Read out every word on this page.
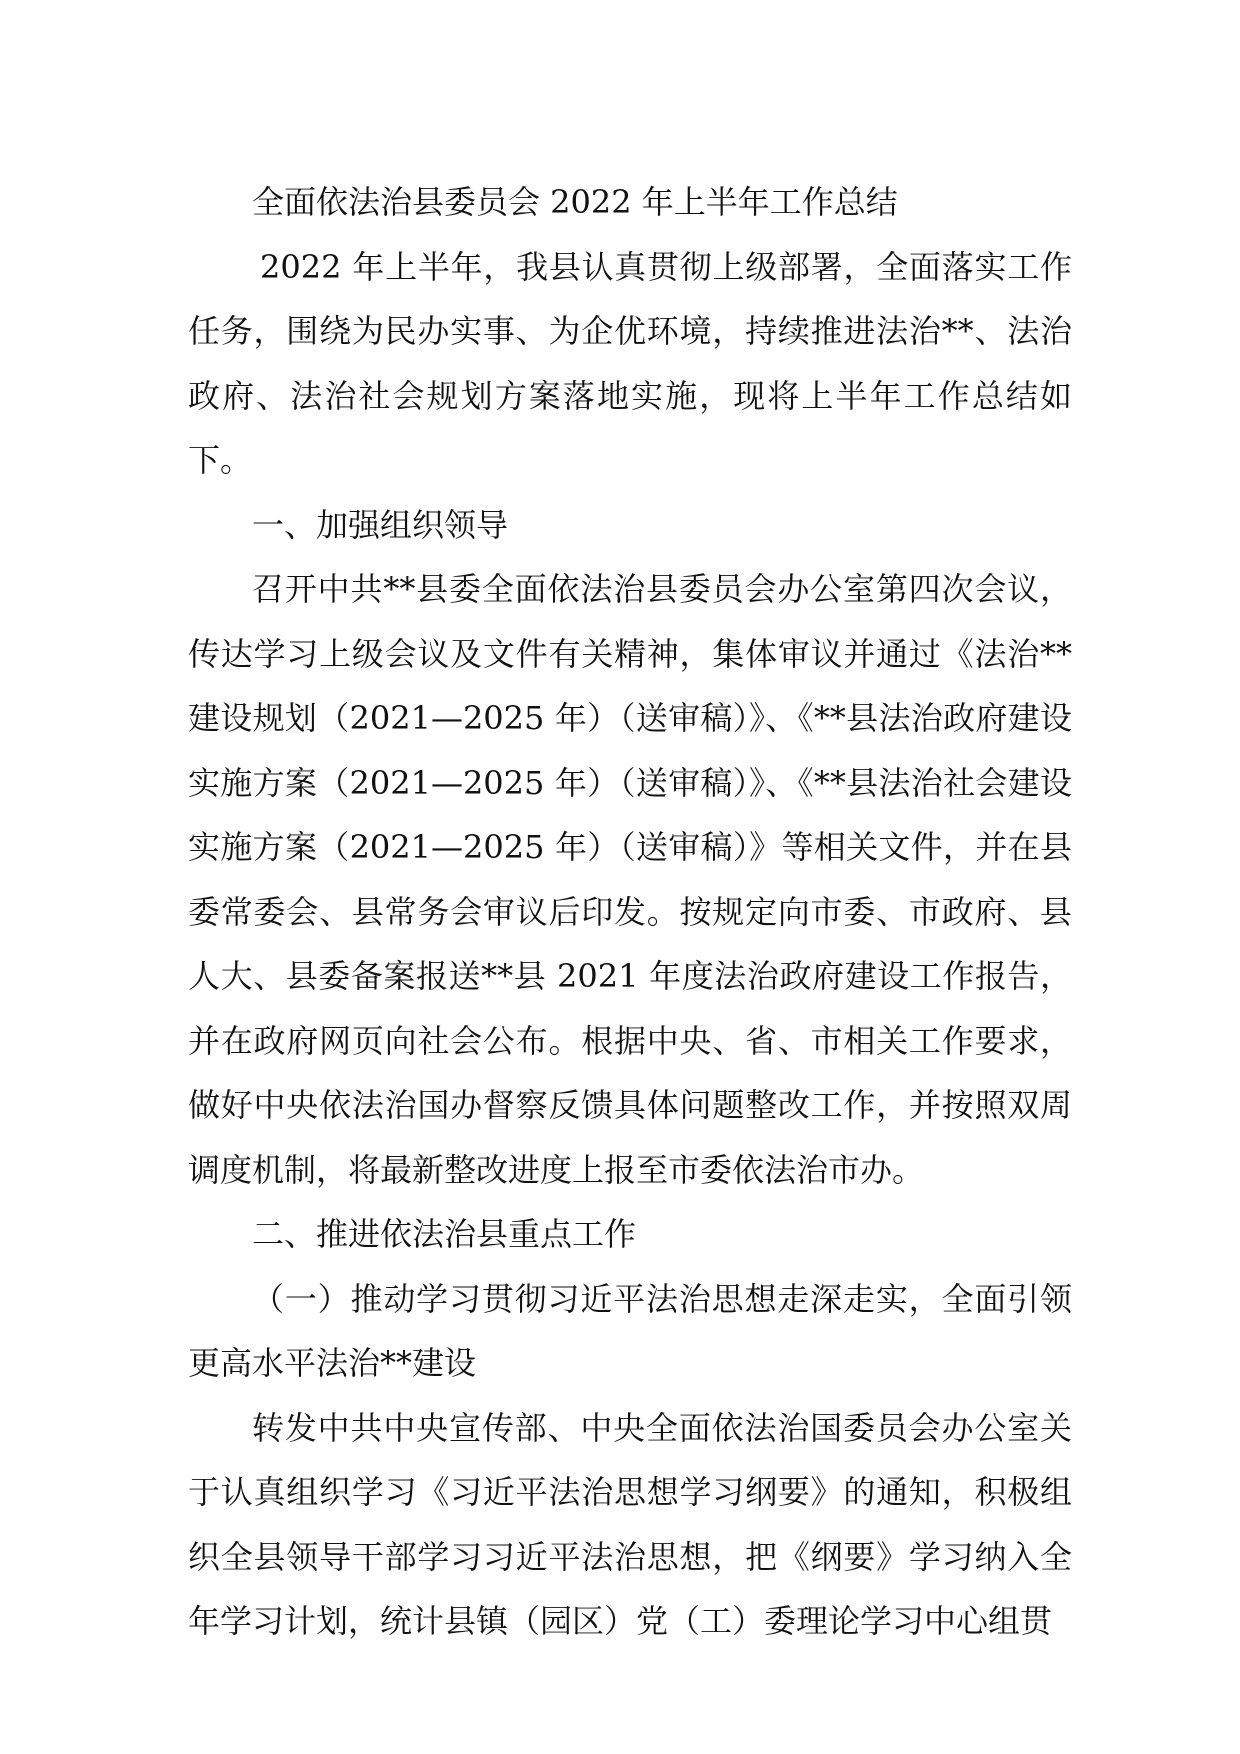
全面依法治县委员会 2022 年上半年工作总结

2022 年上半年，我县认真贯彻上级部署，全面落实工作任务，围绕为民办实事、为企优环境，持续推进法治**、法治政府、法治社会规划方案落地实施，现将上半年工作总结如下。

一、加强组织领导

召开中共**县委全面依法治县委员会办公室第四次会议，传达学习上级会议及文件有关精神，集体审议并通过《法治**建设规划（2021—2025 年）（送审稿）》、《**县法治政府建设实施方案（2021—2025 年）（送审稿）》、《**县法治社会建设实施方案（2021—2025 年）（送审稿）》等相关文件，并在县委常委会、县常务会审议后印发。按规定向市委、市政府、县人大、县委备案报送**县 2021 年度法治政府建设工作报告，并在政府网页向社会公布。根据中央、省、市相关工作要求，做好中央依法治国办督察反馈具体问题整改工作，并按照双周调度机制，将最新整改进度上报至市委依法治市办。

二、推进依法治县重点工作

（一）推动学习贯彻习近平法治思想走深走实，全面引领更高水平法治**建设

转发中共中央宣传部、中央全面依法治国委员会办公室关于认真组织学习《习近平法治思想学习纲要》的通知，积极组织全县领导干部学习习近平法治思想，把《纲要》学习纳入全年学习计划，统计县镇（园区）党（工）委理论学习中心组贯
